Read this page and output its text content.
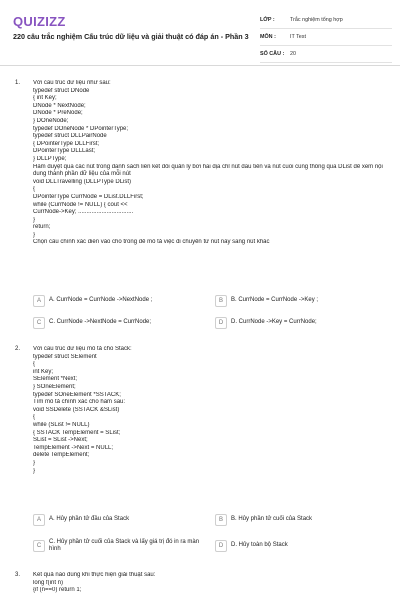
QUIZIZZ
220 câu trắc nghiệm Cấu trúc dữ liệu và giải thuật có đáp án - Phần 3
LỚP :	Trắc nghiệm tổng hợp
MÔN :	IT Test
SỐ CÂU :	20
1. Với cấu trúc dữ liệu như sau:
typedef struct DNode
{ int Key;
DNode * NextNode;
DNode * PreNode;
} DOneNode;
typedef DOneNode * DPointerType;
typedef struct DLLPairNode
{ DPointerType DLLFirst;
DPointerType DLLLast;
} DLLPType;
Hàm duyệt qua các nút trong danh sách liên kết đôi quản lý bởi hai địa chỉ nút đầu tiên và nút cuối cùng thông qua DList để xem nội dung thành phần dữ liệu của mỗi nút
void DLLTravelling (DLLPType DList)
{
DPointerType CurrNode = DList.DLLFirst;
while (CurrNode != NULL) { cout <<
CurrNode->Key; .................................
}
return;
}
Chọn câu chính xác điền vào chỗ trống để mô tả việc di chuyển từ nút này sang nút khác
A	A. CurrNode = CurrNode ->NextNode ;	B	B. CurrNode = CurrNode ->Key ;
C	C. CurrNode ->NextNode = CurrNode;	D	D. CurrNode ->Key = CurrNode;
2. Với cấu trúc dữ liệu mô tả cho Stack:
typedef struct SElement
{
int Key;
SElement *Next;
} SOneElement;
typedef SOneElement *SSTACK;
Tìm mô tả chính xác cho hàm sau:
void SSDelete (SSTACK &SList)
{
while (SList != NULL)
{ SSTACK TempElement = SList;
SList = SList ->Next;
TempElement ->Next = NULL;
delete TempElement;
}
}
A	A. Hủy phần tử đầu của Stack	B	B. Hủy phần tử cuối của Stack
C
C. Hủy phần tử cuối của Stack và lấy giá trị đó in ra màn hình	D	D. Hủy toàn bộ Stack
3. Kết quả nào đúng khi thực hiện giải thuật sau:
long f(int n)
{if (n==0) return 1;
